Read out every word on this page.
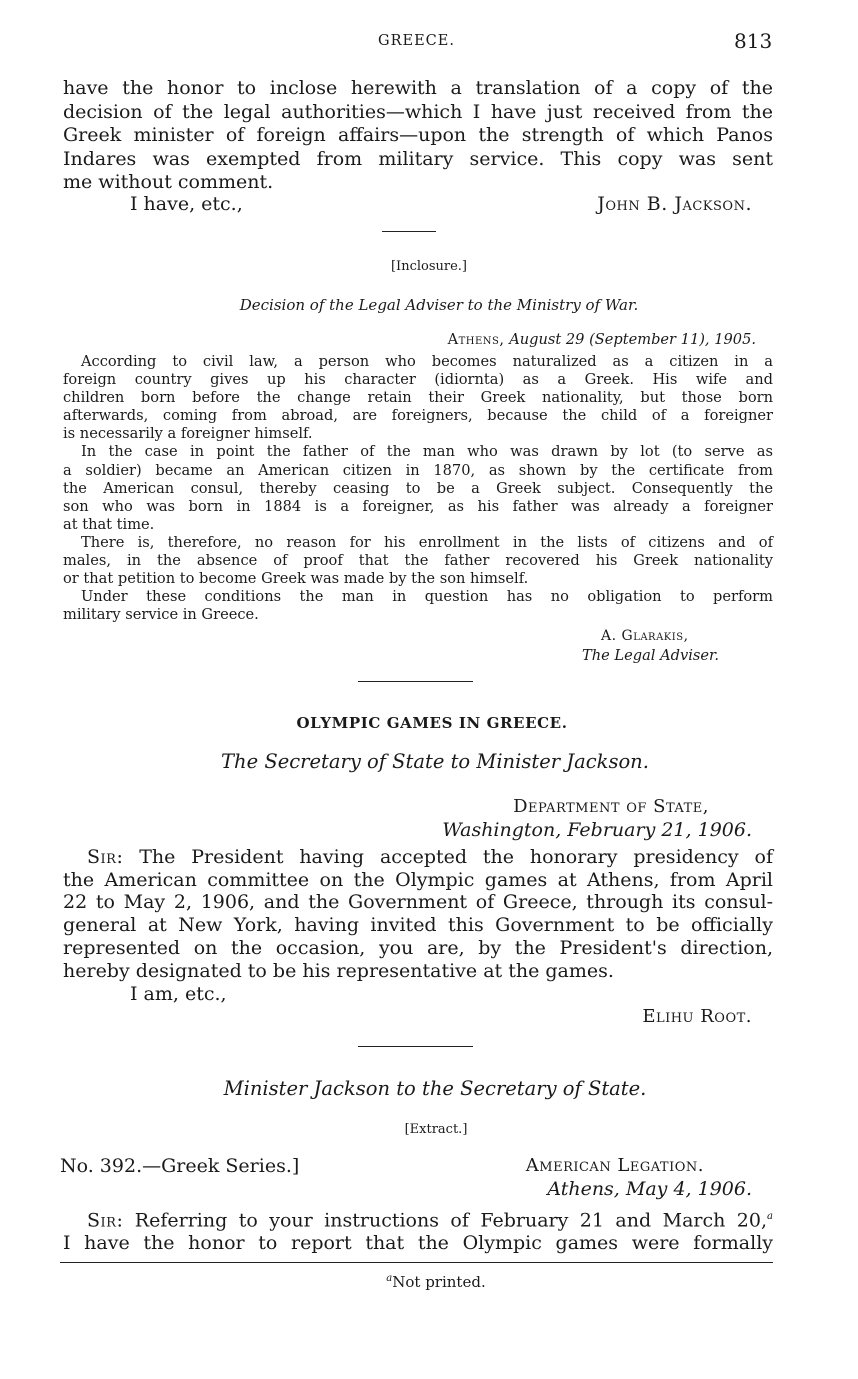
GREECE.	813
have the honor to inclose herewith a translation of a copy of the
decision of the legal authorities—which I have just received from the
Greek minister of foreign affairs—upon the strength of which Panos
Indares was exempted from military service. This copy was sent
me without comment.
I have, etc.,	John B. Jackson.
[Inclosure.]
Decision of the Legal Adviser to the Ministry of War.
Athens, August 29 (September 11), 1905.
According to civil law, a person who becomes naturalized as a citizen in a
foreign country gives up his character (idiornta) as a Greek. His wife and
children born before the change retain their Greek nationality, but those born
afterwards, coming from abroad, are foreigners, because the child of a foreigner
is necessarily a foreigner himself.
In the case in point the father of the man who was drawn by lot (to serve as
a soldier) became an American citizen in 1870, as shown by the certificate from
the American consul, thereby ceasing to be a Greek subject. Consequently the
son who was born in 1884 is a foreigner, as his father was already a foreigner
at that time.
There is, therefore, no reason for his enrollment in the lists of citizens and of
males, in the absence of proof that the father recovered his Greek nationality
or that petition to become Greek was made by the son himself.
Under these conditions the man in question has no obligation to perform
military service in Greece.
A. Glarakis,
The Legal Adviser.
OLYMPIC GAMES IN GREECE.
The Secretary of State to Minister Jackson.
Department of State,
Washington, February 21, 1906.
Sir: The President having accepted the honorary presidency of
the American committee on the Olympic games at Athens, from April
22 to May 2, 1906, and the Government of Greece, through its consul-
general at New York, having invited this Government to be officially
represented on the occasion, you are, by the President's direction,
hereby designated to be his representative at the games.
I am, etc.,
Elihu Root.
Minister Jackson to the Secretary of State.
[Extract.]
No. 392.—Greek Series.]	American Legation.
Athens, May 4, 1906.
Sir: Referring to your instructions of February 21 and March 20,$^a$
I have the honor to report that the Olympic games were formally
$^a$Not printed.
